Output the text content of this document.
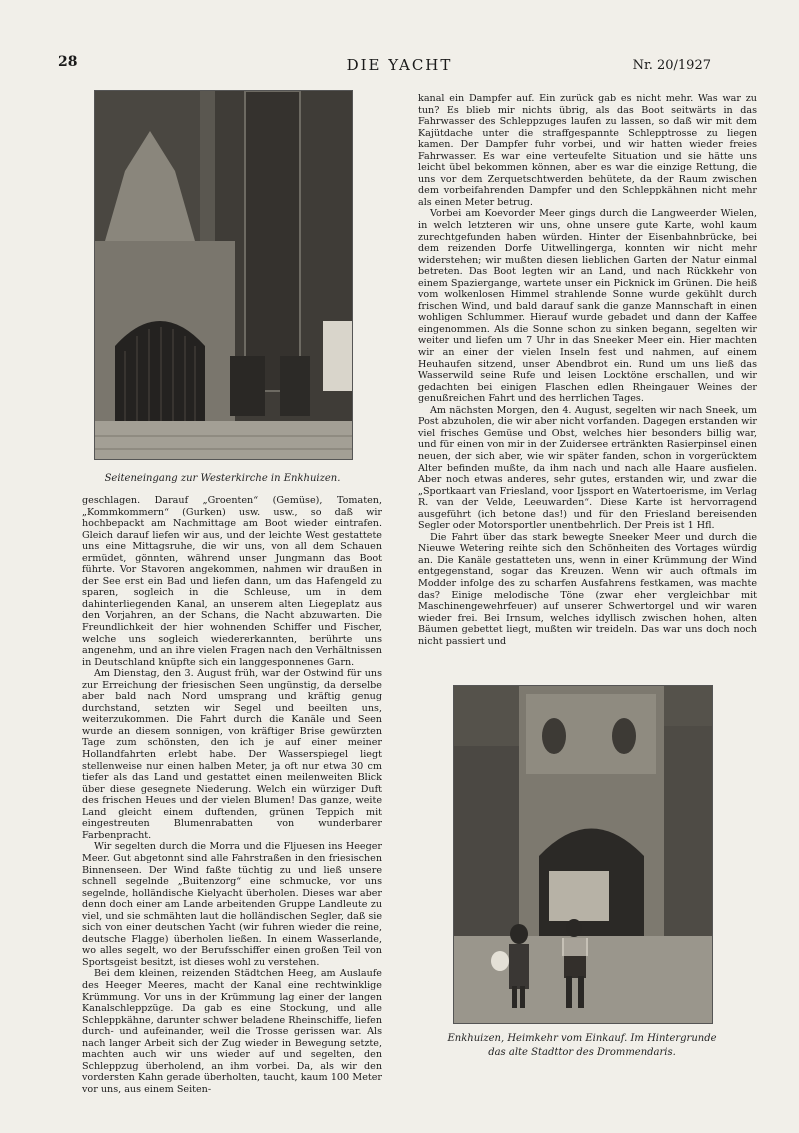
28	DIE YACHT	Nr. 20/1927
Seiteneingang zur Westerkirche in Enkhuizen.
Enkhuizen, Heimkehr vom Einkauf. Im Hintergrunde das alte Stadttor des Drommendaris.

geschlagen. Darauf „Groenten“ (Gemüse), Tomaten, „Kommkommern“ (Gurken) usw. usw., so daß wir hochbepackt am Nachmittage am Boot wieder eintrafen. Gleich darauf liefen wir aus, und der leichte West gestattete uns eine Mittagsruhe, die wir uns, von all dem Schauen ermüdet, gönnten, während unser Jungmann das Boot führte. Vor Stavoren angekommen, nahmen wir draußen in der See erst ein Bad und liefen dann, um das Hafengeld zu sparen, sogleich in die Schleuse, um in dem dahinterliegenden Kanal, an unserem alten Liegeplatz aus den Vorjahren, an der Schans, die Nacht abzuwarten. Die Freundlichkeit der hier wohnenden Schiffer und Fischer, welche uns sogleich wiedererkannten, berührte uns angenehm, und an ihre vielen Fragen nach den Verhältnissen in Deutschland knüpfte sich ein langgesponnenes Garn.

Am Dienstag, den 3. August früh, war der Ostwind für uns zur Erreichung der friesischen Seen ungünstig, da derselbe aber bald nach Nord umsprang und kräftig genug durchstand, setzten wir Segel und beeilten uns, weiterzukommen. Die Fahrt durch die Kanäle und Seen wurde an diesem sonnigen, von kräftiger Brise gewürzten Tage zum schönsten, den ich je auf einer meiner Hollandfahrten erlebt habe. Der Wasserspiegel liegt stellenweise nur einen halben Meter, ja oft nur etwa 30 cm tiefer als das Land und gestattet einen meilenweiten Blick über diese gesegnete Niederung. Welch ein würziger Duft des frischen Heues und der vielen Blumen! Das ganze, weite Land gleicht einem duftenden, grünen Teppich mit eingestreuten Blumenrabatten von wunderbarer Farbenpracht.

Wir segelten durch die Morra und die Fljuesen ins Heeger Meer. Gut abgetonnt sind alle Fahrstraßen in den friesischen Binnenseen. Der Wind faßte tüchtig zu und ließ unsere schnell segelnde „Buitenzorg“ eine schmucke, vor uns segelnde, holländische Kielyacht überholen. Dieses war aber denn doch einer am Lande arbeitenden Gruppe Landleute zu viel, und sie schmähten laut die holländischen Segler, daß sie sich von einer deutschen Yacht (wir fuhren wieder die reine, deutsche Flagge) überholen ließen. In einem Wasserlande, wo alles segelt, wo der Berufsschiffer einen großen Teil von Sportsgeist besitzt, ist dieses wohl zu verstehen.

Bei dem kleinen, reizenden Städtchen Heeg, am Auslaufe des Heeger Meeres, macht der Kanal eine rechtwinklige Krümmung. Vor uns in der Krümmung lag einer der langen Kanalschleppzüge. Da gab es eine Stockung, und alle Schleppkähne, darunter schwer beladene Rheinschiffe, liefen durch- und aufeinander, weil die Trosse gerissen war. Als nach langer Arbeit sich der Zug wieder in Bewegung setzte, machten auch wir uns wieder auf und segelten, den Schleppzug überholend, an ihm vorbei. Da, als wir den vordersten Kahn gerade überholten, taucht, kaum 100 Meter vor uns, aus einem Seiten-

kanal ein Dampfer auf. Ein zurück gab es nicht mehr. Was war zu tun? Es blieb mir nichts übrig, als das Boot seitwärts in das Fahrwasser des Schleppzuges laufen zu lassen, so daß wir mit dem Kajütdache unter die straffgespannte Schlepptrosse zu liegen kamen. Der Dampfer fuhr vorbei, und wir hatten wieder freies Fahrwasser. Es war eine verteufelte Situation und sie hätte uns leicht übel bekommen können, aber es war die einzige Rettung, die uns vor dem Zerquetschtwerden behütete, da der Raum zwischen dem vorbeifahrenden Dampfer und den Schleppkähnen nicht mehr als einen Meter betrug.

Vorbei am Koevorder Meer gings durch die Langweerder Wielen, in welch letzteren wir uns, ohne unsere gute Karte, wohl kaum zurechtgefunden haben würden. Hinter der Eisenbahnbrücke, bei dem reizenden Dorfe Uitwellingerga, konnten wir nicht mehr widerstehen; wir mußten diesen lieblichen Garten der Natur einmal betreten. Das Boot legten wir an Land, und nach Rückkehr von einem Spaziergange, wartete unser ein Picknick im Grünen. Die heiß vom wolkenlosen Himmel strahlende Sonne wurde gekühlt durch frischen Wind, und bald darauf sank die ganze Mannschaft in einen wohligen Schlummer. Hierauf wurde gebadet und dann der Kaffee eingenommen. Als die Sonne schon zu sinken begann, segelten wir weiter und liefen um 7 Uhr in das Sneeker Meer ein. Hier machten wir an einer der vielen Inseln fest und nahmen, auf einem Heuhaufen sitzend, unser Abendbrot ein. Rund um uns ließ das Wasserwild seine Rufe und leisen Locktöne erschallen, und wir gedachten bei einigen Flaschen edlen Rheingauer Weines der genußreichen Fahrt und des herrlichen Tages.

Am nächsten Morgen, den 4. August, segelten wir nach Sneek, um Post abzuholen, die wir aber nicht vorfanden. Dagegen erstanden wir viel frisches Gemüse und Obst, welches hier besonders billig war, und für einen von mir in der Zuidersee ertränkten Rasierpinsel einen neuen, der sich aber, wie wir später fanden, schon in vorgerücktem Alter befinden mußte, da ihm nach und nach alle Haare ausfielen. Aber noch etwas anderes, sehr gutes, erstanden wir, und zwar die „Sportkaart van Friesland, voor Ijssport en Watertoerisme, im Verlag R. van der Velde, Leeuwarden“. Diese Karte ist hervorragend ausgeführt (ich betone das!) und für den Friesland bereisenden Segler oder Motorsportler unentbehrlich. Der Preis ist 1 Hfl.

Die Fahrt über das stark bewegte Sneeker Meer und durch die Nieuwe Wetering reihte sich den Schönheiten des Vortages würdig an. Die Kanäle gestatteten uns, wenn in einer Krümmung der Wind entgegenstand, sogar das Kreuzen. Wenn wir auch oftmals im Modder infolge des zu scharfen Ausfahrens festkamen, was machte das? Einige melodische Töne (zwar eher vergleichbar mit Maschinengewehrfeuer) auf unserer Schwertorgel und wir waren wieder frei. Bei Irnsum, welches idyllisch zwischen hohen, alten Bäumen gebettet liegt, mußten wir treideln. Das war uns doch noch nicht passiert und
